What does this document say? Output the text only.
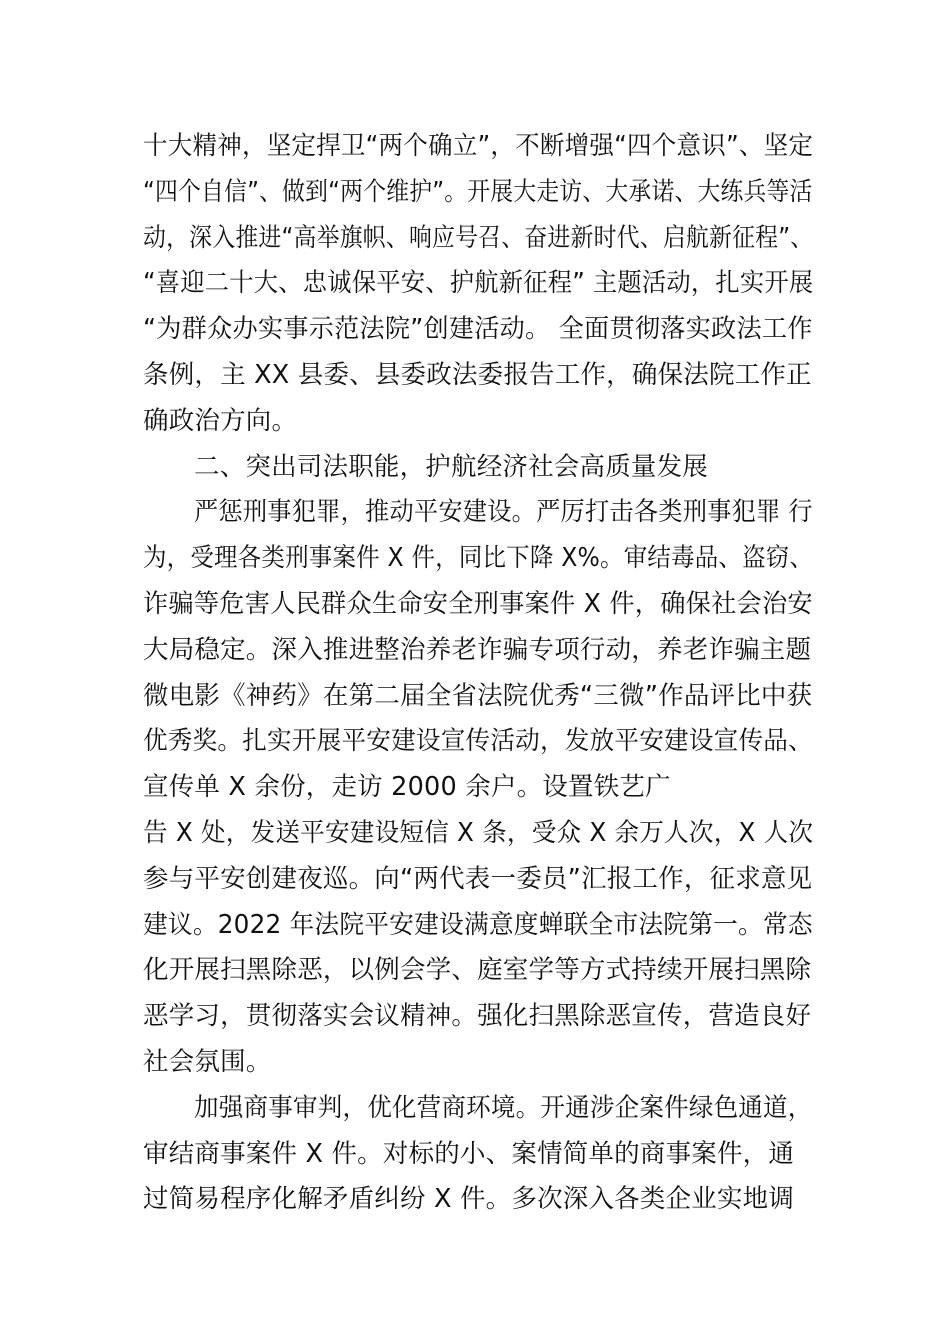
十大精神，坚定捍卫“两个确立”，不断增强“四个意识”、坚定
“四个自信”、做到“两个维护”。开展大走访、大承诺、大练兵等活
动，深入推进“高举旗帜、响应号召、奋进新时代、启航新征程”、
“喜迎二十大、忠诚保平安、护航新征程” 主题活动，扎实开展
“为群众办实事示范法院”创建活动。 全面贯彻落实政法工作
条例，主 XX 县委、县委政法委报告工作，确保法院工作正
确政治方向。
二、突出司法职能，护航经济社会高质量发展
严惩刑事犯罪，推动平安建设。严厉打击各类刑事犯罪 行
为，受理各类刑事案件 X 件，同比下降 X%。审结毒品、盗窃、
诈骗等危害人民群众生命安全刑事案件 X 件，确保社会治安
大局稳定。深入推进整治养老诈骗专项行动，养老诈骗主题
微电影《神药》在第二届全省法院优秀“三微”作品评比中获
优秀奖。扎实开展平安建设宣传活动，发放平安建设宣传品、
宣传单 X 余份，走访 2000 余户。设置铁艺广
告 X 处，发送平安建设短信 X 条，受众 X 余万人次，X 人次
参与平安创建夜巡。向“两代表一委员”汇报工作，征求意见
建议。2022 年法院平安建设满意度蝉联全市法院第一。常态
化开展扫黑除恶，以例会学、庭室学等方式持续开展扫黑除
恶学习，贯彻落实会议精神。强化扫黑除恶宣传，营造良好
社会氛围。
加强商事审判，优化营商环境。开通涉企案件绿色通道，
审结商事案件 X 件。对标的小、案情简单的商事案件，通
过简易程序化解矛盾纠纷 X 件。多次深入各类企业实地调
